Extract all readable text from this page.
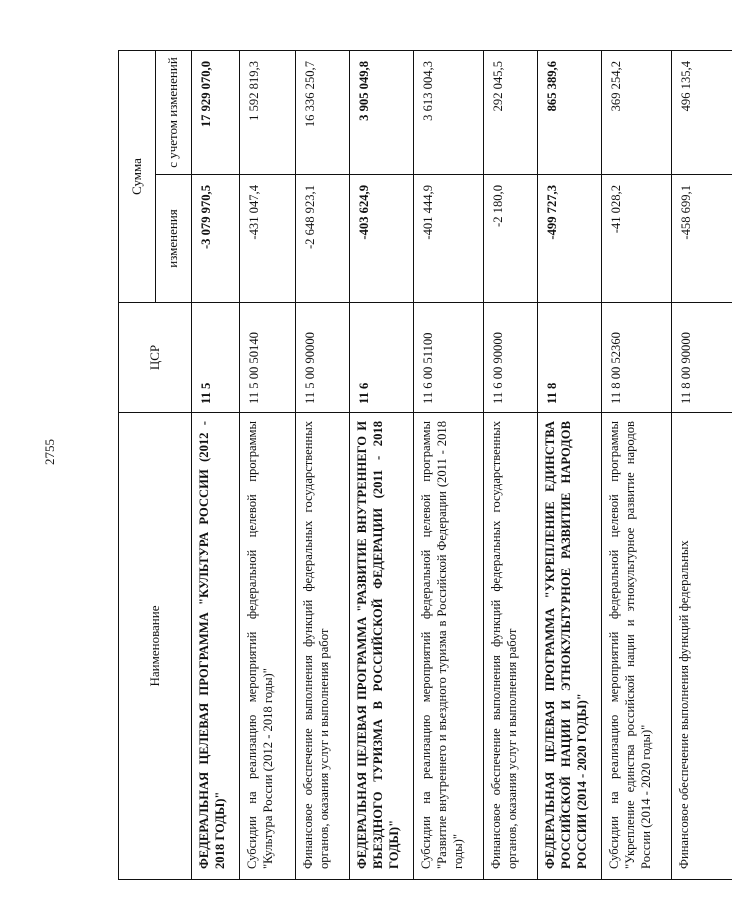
2755
Наименование
ЦСР
Сумма
изменения
с учетом изменений
ФЕДЕРАЛЬНАЯ ЦЕЛЕВАЯ ПРОГРАММА "КУЛЬТУРА РОССИИ (2012 - 2018 ГОДЫ)"
11 5
-3 079 970,5
17 929 070,0
Субсидии на реализацию мероприятий федеральной целевой программы "Культура России (2012 - 2018 годы)"
11 5 00 50140
-431 047,4
1 592 819,3
Финансовое обеспечение выполнения функций федеральных государственных органов, оказания услуг и выполнения работ
11 5 00 90000
-2 648 923,1
16 336 250,7
ФЕДЕРАЛЬНАЯ ЦЕЛЕВАЯ ПРОГРАММА "РАЗВИТИЕ ВНУТРЕННЕГО И ВЪЕЗДНОГО ТУРИЗМА В РОССИЙСКОЙ ФЕДЕРАЦИИ (2011 - 2018 ГОДЫ)"
11 6
-403 624,9
3 905 049,8
Субсидии на реализацию мероприятий федеральной целевой программы "Развитие внутреннего и въездного туризма в Российской Федерации (2011 - 2018 годы)"
11 6 00 51100
-401 444,9
3 613 004,3
Финансовое обеспечение выполнения функций федеральных государственных органов, оказания услуг и выполнения работ
11 6 00 90000
-2 180,0
292 045,5
ФЕДЕРАЛЬНАЯ ЦЕЛЕВАЯ ПРОГРАММА "УКРЕПЛЕНИЕ ЕДИНСТВА РОССИЙСКОЙ НАЦИИ И ЭТНОКУЛЬТУРНОЕ РАЗВИТИЕ НАРОДОВ РОССИИ (2014 - 2020 ГОДЫ)"
11 8
-499 727,3
865 389,6
Субсидии на реализацию мероприятий федеральной целевой программы "Укрепление единства российской нации и этнокультурное развитие народов России (2014 - 2020 годы)"
11 8 00 52360
-41 028,2
369 254,2
Финансовое обеспечение выполнения функций федеральных
11 8 00 90000
-458 699,1
496 135,4
